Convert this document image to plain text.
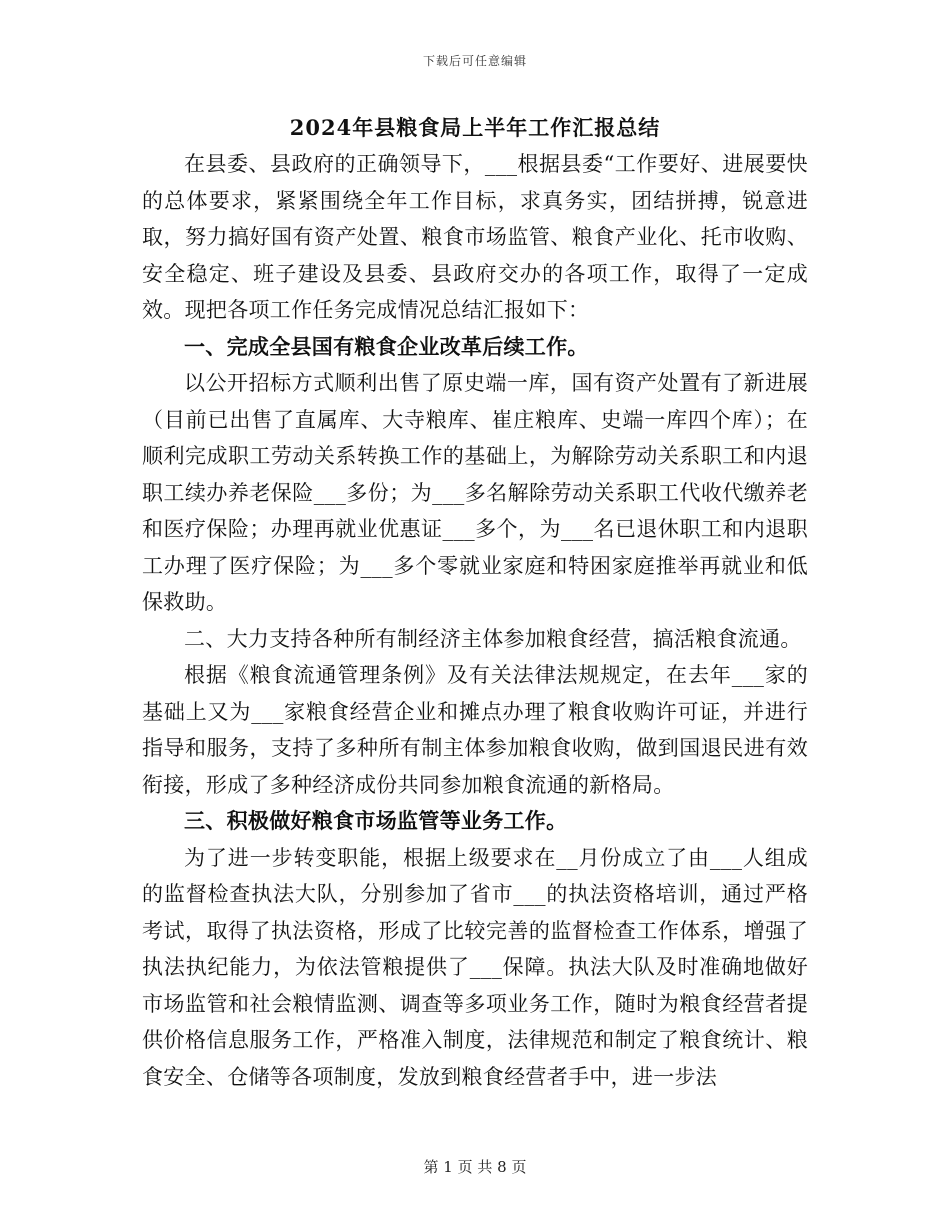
下载后可任意编辑
2024年县粮食局上半年工作汇报总结

在县委、县政府的正确领导下，___根据县委“工作要好、进展要快的总体要求，紧紧围绕全年工作目标，求真务实，团结拼搏，锐意进取，努力搞好国有资产处置、粮食市场监管、粮食产业化、托市收购、安全稳定、班子建设及县委、县政府交办的各项工作，取得了一定成效。现把各项工作任务完成情况总结汇报如下：

一、完成全县国有粮食企业改革后续工作。

以公开招标方式顺利出售了原史端一库，国有资产处置有了新进展（目前已出售了直属库、大寺粮库、崔庄粮库、史端一库四个库）；在顺利完成职工劳动关系转换工作的基础上，为解除劳动关系职工和内退职工续办养老保险___多份；为___多名解除劳动关系职工代收代缴养老和医疗保险；办理再就业优惠证___多个，为___名已退休职工和内退职工办理了医疗保险；为___多个零就业家庭和特困家庭推举再就业和低保救助。

二、大力支持各种所有制经济主体参加粮食经营，搞活粮食流通。

根据《粮食流通管理条例》及有关法律法规规定，在去年___家的基础上又为___家粮食经营企业和摊点办理了粮食收购许可证，并进行指导和服务，支持了多种所有制主体参加粮食收购，做到国退民进有效衔接，形成了多种经济成份共同参加粮食流通的新格局。

三、积极做好粮食市场监管等业务工作。

为了进一步转变职能，根据上级要求在__月份成立了由___人组成的监督检查执法大队，分别参加了省市___的执法资格培训，通过严格考试，取得了执法资格，形成了比较完善的监督检查工作体系，增强了执法执纪能力，为依法管粮提供了___保障。执法大队及时准确地做好市场监管和社会粮情监测、调查等多项业务工作，随时为粮食经营者提供价格信息服务工作，严格准入制度，法律规范和制定了粮食统计、粮食安全、仓储等各项制度，发放到粮食经营者手中，进一步法

第 1 页 共 8 页
